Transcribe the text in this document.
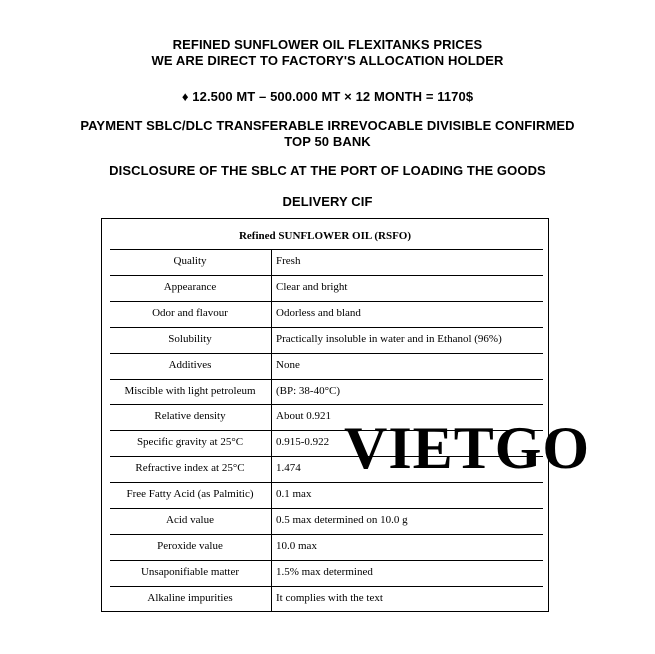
REFINED SUNFLOWER OIL FLEXITANKS PRICES
WE ARE DIRECT TO FACTORY'S ALLOCATION HOLDER
♦ 12.500 MT – 500.000 MT × 12 MONTH = 1170$
PAYMENT SBLC/DLC TRANSFERABLE IRREVOCABLE DIVISIBLE CONFIRMED
TOP 50 BANK
DISCLOSURE OF THE SBLC AT THE PORT OF LOADING THE GOODS
DELIVERY CIF
Refined SUNFLOWER OIL (RSFO)
Quality	Fresh
Appearance	Clear and bright
Odor and flavour	Odorless and bland
Solubility	Practically insoluble in water and in Ethanol (96%)
Additives	None
Miscible with light petroleum	(BP: 38-40°C)
Relative density	About 0.921
Specific gravity at 25°C	0.915-0.922
Refractive index at 25°C	1.474
Free Fatty Acid (as Palmitic)	0.1 max
Acid value	0.5 max determined on 10.0 g
Peroxide value	10.0 max
Unsaponifiable matter	1.5% max determined
Alkaline impurities	It complies with the text
VIETGO
